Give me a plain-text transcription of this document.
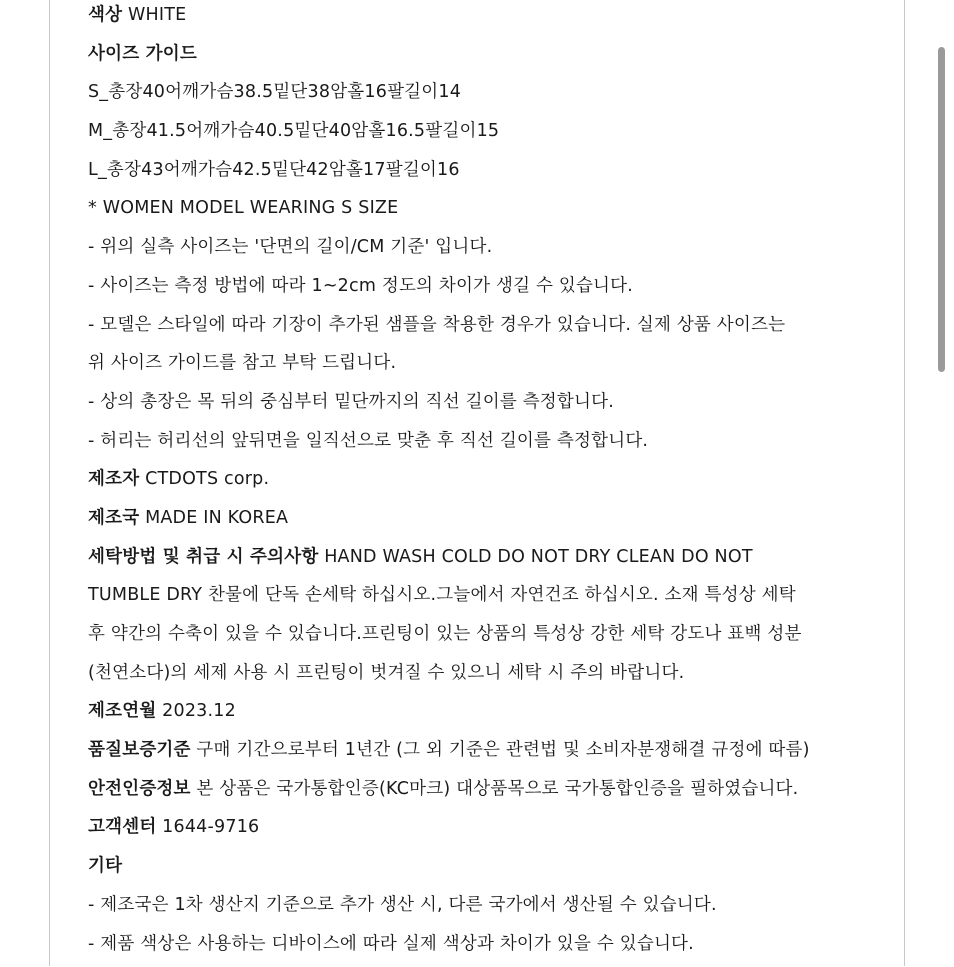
색상 WHITE
사이즈 가이드
S_총장40어깨가슴38.5밑단38암홀16팔길이14
M_총장41.5어깨가슴40.5밑단40암홀16.5팔길이15
L_총장43어깨가슴42.5밑단42암홀17팔길이16
* WOMEN MODEL WEARING S SIZE
- 위의 실측 사이즈는 '단면의 길이/CM 기준' 입니다.
- 사이즈는 측정 방법에 따라 1~2cm 정도의 차이가 생길 수 있습니다.
- 모델은 스타일에 따라 기장이 추가된 샘플을 착용한 경우가 있습니다. 실제 상품 사이즈는
위 사이즈 가이드를 참고 부탁 드립니다.
- 상의 총장은 목 뒤의 중심부터 밑단까지의 직선 길이를 측정합니다.
- 허리는 허리선의 앞뒤면을 일직선으로 맞춘 후 직선 길이를 측정합니다.
제조자 CTDOTS corp.
제조국 MADE IN KOREA
세탁방법 및 취급 시 주의사항 HAND WASH COLD DO NOT DRY CLEAN DO NOT
TUMBLE DRY 찬물에 단독 손세탁 하십시오.그늘에서 자연건조 하십시오. 소재 특성상 세탁
후 약간의 수축이 있을 수 있습니다.프린팅이 있는 상품의 특성상 강한 세탁 강도나 표백 성분
(천연소다)의 세제 사용 시 프린팅이 벗겨질 수 있으니 세탁 시 주의 바랍니다.
제조연월 2023.12
품질보증기준 구매 기간으로부터 1년간 (그 외 기준은 관련법 및 소비자분쟁해결 규정에 따름)
안전인증정보 본 상품은 국가통합인증(KC마크) 대상품목으로 국가통합인증을 필하였습니다.
고객센터 1644-9716
기타
- 제조국은 1차 생산지 기준으로 추가 생산 시, 다른 국가에서 생산될 수 있습니다.
- 제품 색상은 사용하는 디바이스에 따라 실제 색상과 차이가 있을 수 있습니다.
